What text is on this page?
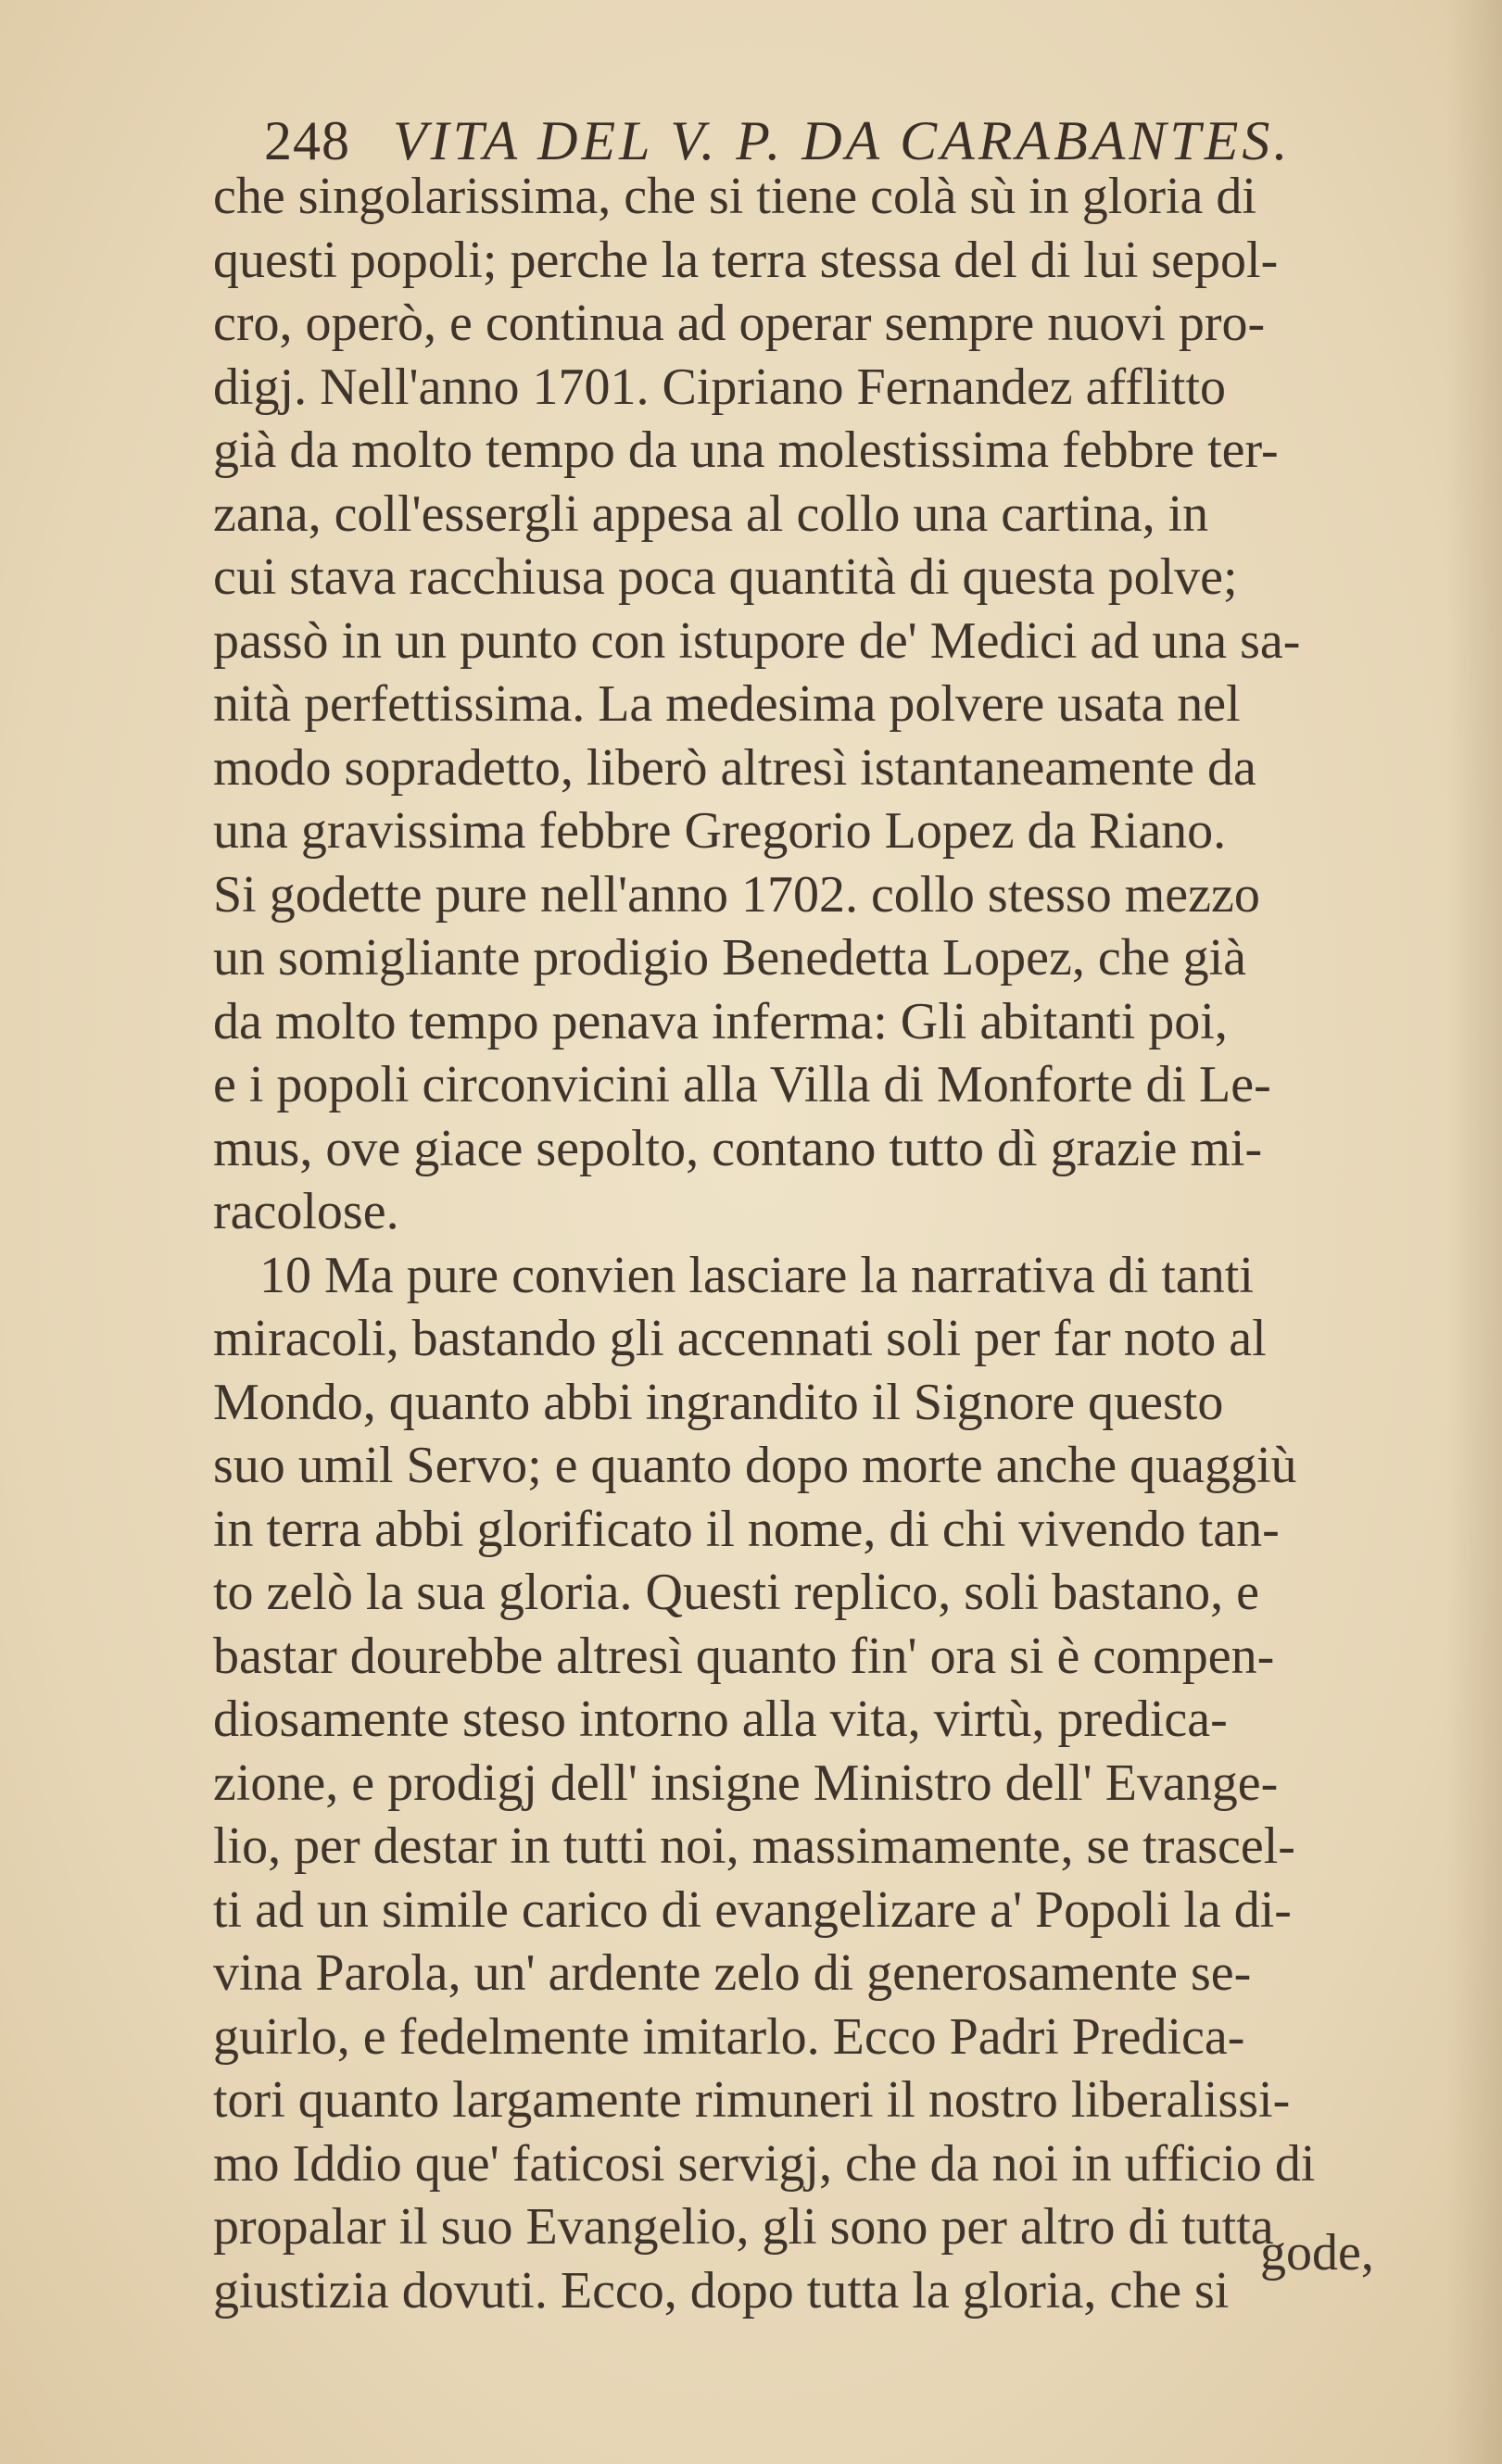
248 VITA DEL V. P. DA CARABANTES.
che singolarissima, che si tiene colà sù in gloria di
questi popoli; perche la terra stessa del di lui sepol-
cro, operò, e continua ad operar sempre nuovi pro-
digj. Nell'anno 1701. Cipriano Fernandez afflitto
già da molto tempo da una molestissima febbre ter-
zana, coll'essergli appesa al collo una cartina, in
cui stava racchiusa poca quantità di questa polve;
passò in un punto con istupore de' Medici ad una sa-
nità perfettissima. La medesima polvere usata nel
modo sopradetto, liberò altresì istantaneamente da
una gravissima febbre Gregorio Lopez da Riano.
Si godette pure nell'anno 1702. collo stesso mezzo
un somigliante prodigio Benedetta Lopez, che già
da molto tempo penava inferma: Gli abitanti poi,
e i popoli circonvicini alla Villa di Monforte di Le-
mus, ove giace sepolto, contano tutto dì grazie mi-
racolose.
10 Ma pure convien lasciare la narrativa di tanti
miracoli, bastando gli accennati soli per far noto al
Mondo, quanto abbi ingrandito il Signore questo
suo umil Servo; e quanto dopo morte anche quaggiù
in terra abbi glorificato il nome, di chi vivendo tan-
to zelò la sua gloria. Questi replico, soli bastano, e
bastar dourebbe altresì quanto fin' ora si è compen-
diosamente steso intorno alla vita, virtù, predica-
zione, e prodigj dell' insigne Ministro dell' Evange-
lio, per destar in tutti noi, massimamente, se trascel-
ti ad un simile carico di evangelizare a' Popoli la di-
vina Parola, un' ardente zelo di generosamente se-
guirlo, e fedelmente imitarlo. Ecco Padri Predica-
tori quanto largamente rimuneri il nostro liberalissi-
mo Iddio que' faticosi servigj, che da noi in ufficio di
propalar il suo Evangelio, gli sono per altro di tutta
giustizia dovuti. Ecco, dopo tutta la gloria, che si
gode,
